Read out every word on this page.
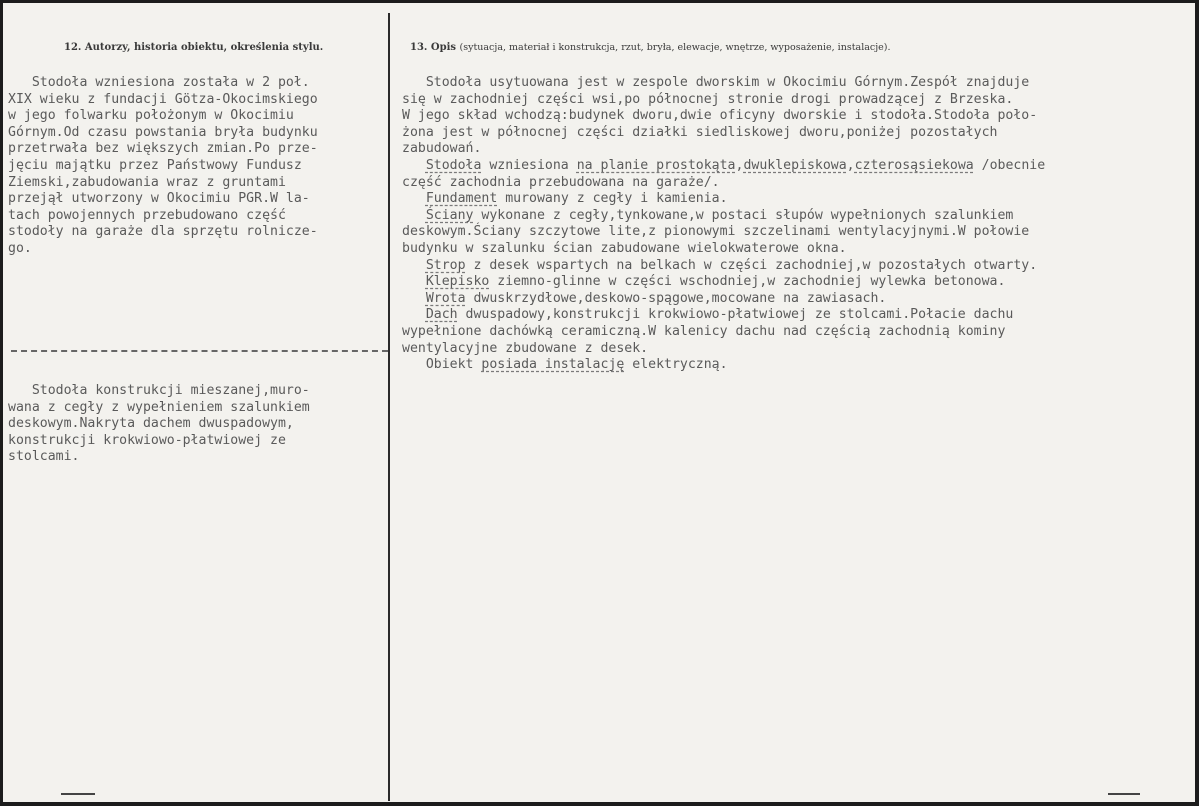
12. Autorzy, historia obiektu, określenia stylu.	13. Opis (sytuacja, materiał i konstrukcja, rzut, bryła, elewacje, wnętrze, wyposażenie, instalacje).
Stodoła wzniesiona została w 2 poł.
XIX wieku z fundacji Götza-Okocimskiego
w jego folwarku położonym w Okocimiu
Górnym.Od czasu powstania bryła budynku
przetrwała bez większych zmian.Po prze-
jęciu majątku przez Państwowy Fundusz
Ziemski,zabudowania wraz z gruntami
przejął utworzony w Okocimiu PGR.W la-
tach powojennych przebudowano część
stodoły na garaże dla sprzętu rolnicze-
go.
Stodoła konstrukcji mieszanej,muro-
wana z cegły z wypełnieniem szalunkiem
deskowym.Nakryta dachem dwuspadowym,
konstrukcji krokwiowo-płatwiowej ze
stolcami.
Stodoła usytuowana jest w zespole dworskim w Okocimiu Górnym.Zespół znajduje
się w zachodniej części wsi,po północnej stronie drogi prowadzącej z Brzeska.
W jego skład wchodzą:budynek dworu,dwie oficyny dworskie i stodoła.Stodoła poło-
żona jest w północnej części działki siedliskowej dworu,poniżej pozostałych
zabudowań.
Stodoła wzniesiona na planie prostokąta,dwuklepiskowa,czterosąsiekowa /obecnie
część zachodnia przebudowana na garaże/.
Fundament murowany z cegły i kamienia.
Ściany wykonane z cegły,tynkowane,w postaci słupów wypełnionych szalunkiem
deskowym.Ściany szczytowe lite,z pionowymi szczelinami wentylacyjnymi.W połowie
budynku w szalunku ścian zabudowane wielokwaterowe okna.
Strop z desek wspartych na belkach w części zachodniej,w pozostałych otwarty.
Klepisko ziemno-glinne w części wschodniej,w zachodniej wylewka betonowa.
Wrota dwuskrzydłowe,deskowo-spągowe,mocowane na zawiasach.
Dach dwuspadowy,konstrukcji krokwiowo-płatwiowej ze stolcami.Połacie dachu
wypełnione dachówką ceramiczną.W kalenicy dachu nad częścią zachodnią kominy
wentylacyjne zbudowane z desek.
Obiekt posiada instalację elektryczną.
